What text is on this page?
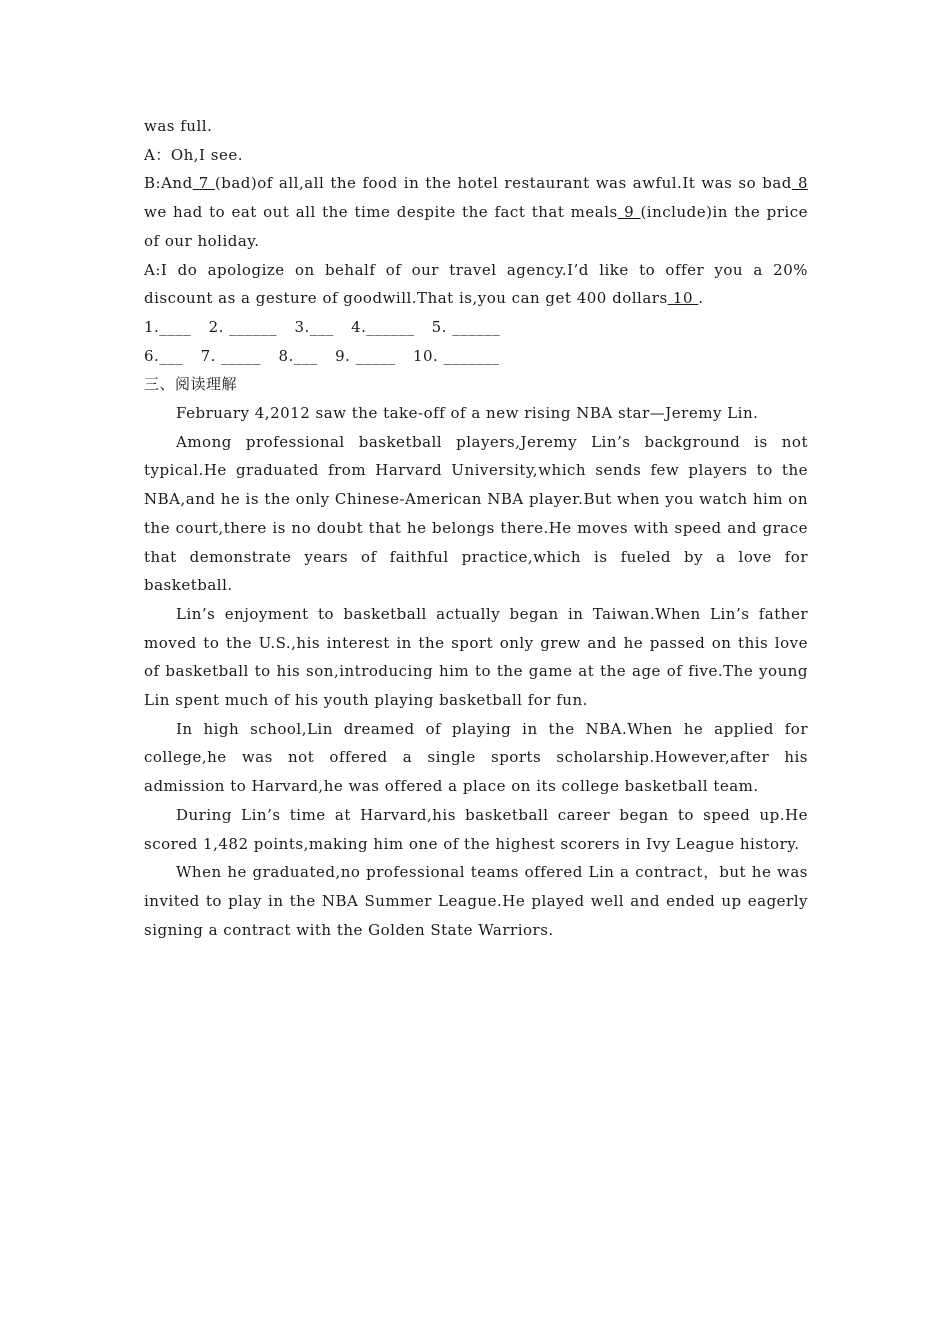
was full.
A：Oh,I see.
B:And 7 (bad)of all,all the food in the hotel restaurant was awful.It was so bad 8 we had to eat out all the time despite the fact that meals 9 (include)in the price of our holiday.
A:I do apologize on behalf of our travel agency.I’d like to offer you a 20% discount as a gesture of goodwill.That is,you can get 400 dollars 10 .
1.____ 2. ______ 3.___ 4.______ 5. ______
6.___ 7. _____ 8.___ 9. _____ 10. _______
三、阅读理解
February 4,2012 saw the take-off of a new rising NBA star—Jeremy Lin.
Among professional basketball players,Jeremy Lin’s background is not typical.He graduated from Harvard University,which sends few players to the NBA,and he is the only Chinese-American NBA player.But when you watch him on the court,there is no doubt that he belongs there.He moves with speed and grace that demonstrate years of faithful practice,which is fueled by a love for basketball.
Lin’s enjoyment to basketball actually began in Taiwan.When Lin’s father moved to the U.S.,his interest in the sport only grew and he passed on this love of basketball to his son,introducing him to the game at the age of five.The young Lin spent much of his youth playing basketball for fun.
In high school,Lin dreamed of playing in the NBA.When he applied for college,he was not offered a single sports scholarship.However,after his admission to Harvard,he was offered a place on its college basketball team.
During Lin’s time at Harvard,his basketball career began to speed up.He scored 1,482 points,making him one of the highest scorers in Ivy League history.
When he graduated,no professional teams offered Lin a contract，but he was invited to play in the NBA Summer League.He played well and ended up eagerly signing a contract with the Golden State Warriors.
